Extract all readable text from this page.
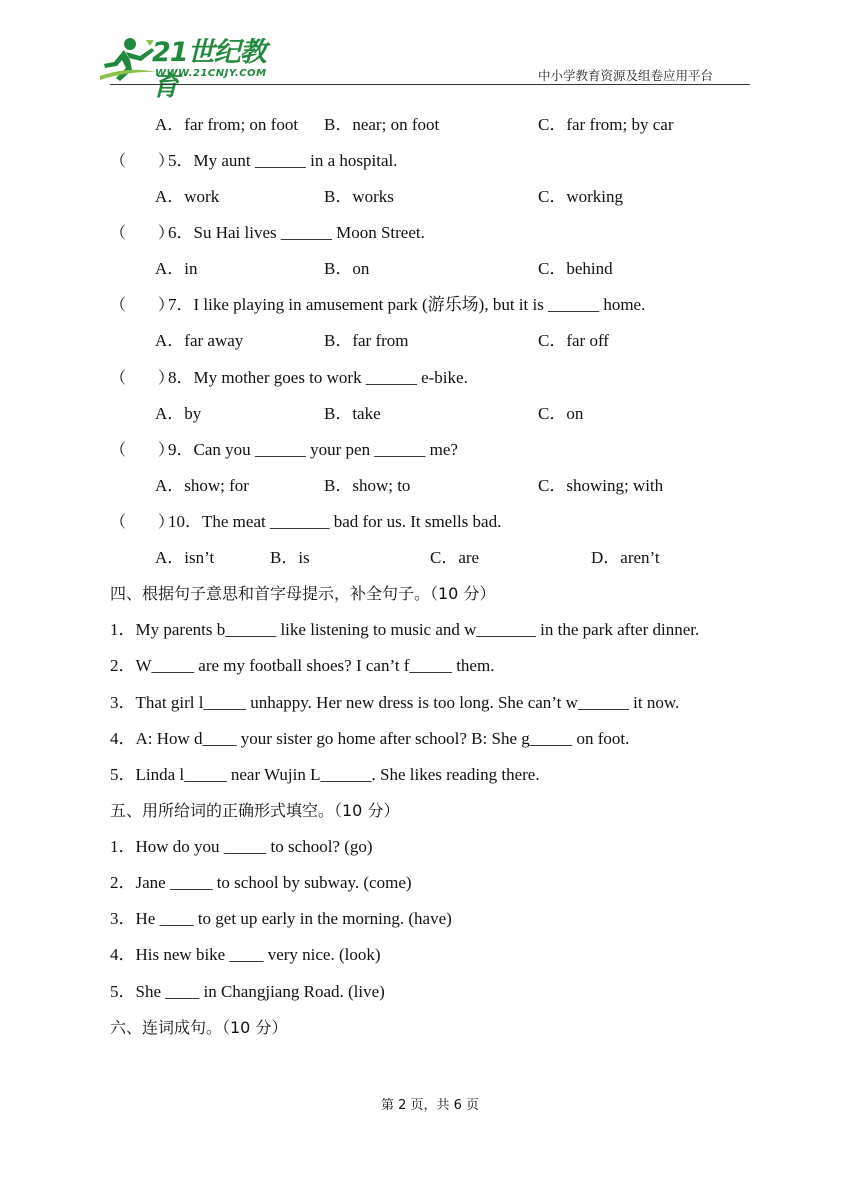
21世纪教育
WWW.21CNJY.COM	中小学教育资源及组卷应用平台
A．far from; on foot B．near; on foot	C．far from; by car
（　　）
5．My aunt ______ in a hospital.
A．work	B．works	C．working
（　　）
6．Su Hai lives ______ Moon Street.
A．in	B．on	C．behind
（　　）
7．I like playing in amusement park (游乐场), but it is ______ home.
A．far away	B．far from	C．far off
（　　）
8．My mother goes to work ______ e-bike.
A．by	B．take	C．on
（　　）
9．Can you ______ your pen ______ me?
A．show; for	B．show; to	C．showing; with
（　　）
10．The meat _______ bad for us. It smells bad.
A．isn’t	B．is	C．are	D．aren’t
四、根据句子意思和首字母提示，补全句子。（10 分）
1．My parents b______ like listening to music and w_______ in the park after dinner.
2．W_____ are my football shoes? I can’t f_____ them.
3．That girl l_____ unhappy. Her new dress is too long. She can’t w______ it now.
4．A: How d____ your sister go home after school? B: She g_____ on foot.
5．Linda l_____ near Wujin L______. She likes reading there.
五、用所给词的正确形式填空。（10 分）
1．How do you _____ to school? (go)
2．Jane _____ to school by subway. (come)
3．He ____ to get up early in the morning. (have)
4．His new bike ____ very nice. (look)
5．She ____ in Changjiang Road. (live)
六、连词成句。（10 分）
第 2 页，共 6 页
